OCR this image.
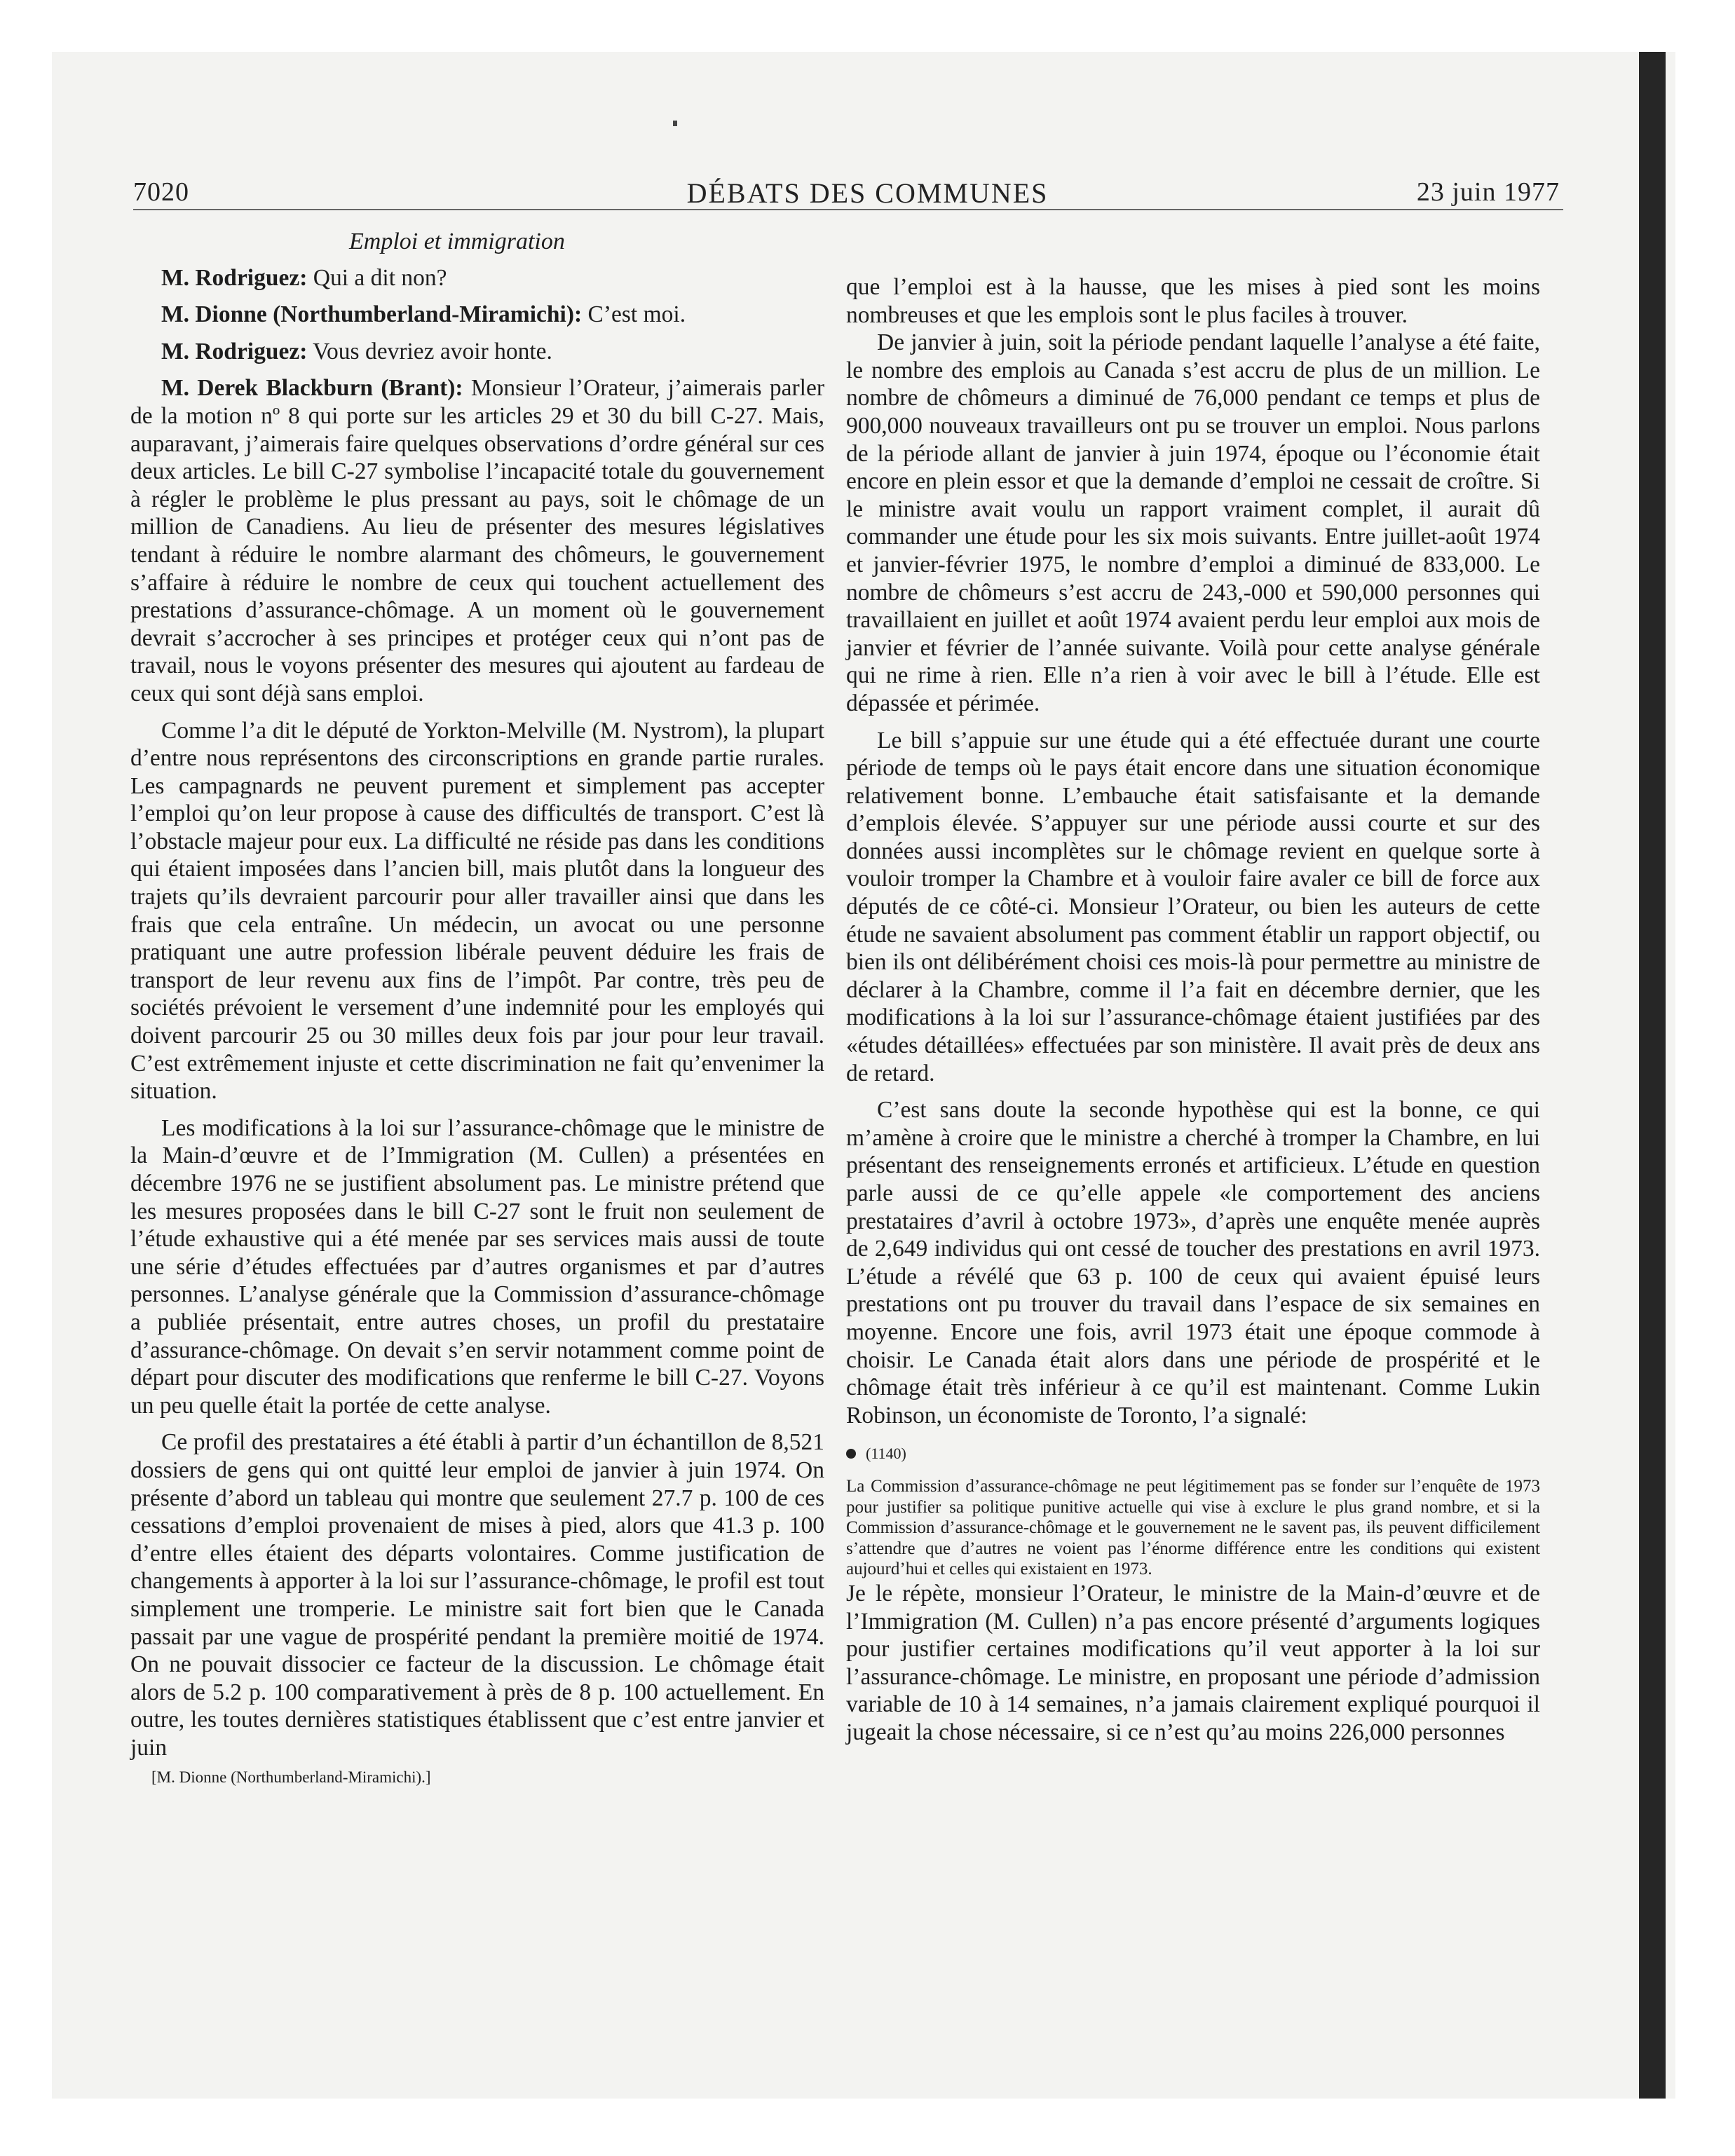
7020	DÉBATS DES COMMUNES	23 juin 1977

Emploi et immigration

M. Rodriguez: Qui a dit non?

M. Dionne (Northumberland-Miramichi): C’est moi.

M. Rodriguez: Vous devriez avoir honte.

M. Derek Blackburn (Brant): Monsieur l’Orateur, j’aimerais parler de la motion nº 8 qui porte sur les articles 29 et 30 du bill C-27. Mais, auparavant, j’aimerais faire quelques observations d’ordre général sur ces deux articles. Le bill C-27 symbolise l’incapacité totale du gouvernement à régler le problème le plus pressant au pays, soit le chômage de un million de Canadiens. Au lieu de présenter des mesures législatives tendant à réduire le nombre alarmant des chômeurs, le gouvernement s’affaire à réduire le nombre de ceux qui touchent actuellement des prestations d’assurance-chômage. A un moment où le gouvernement devrait s’accrocher à ses principes et protéger ceux qui n’ont pas de travail, nous le voyons présenter des mesures qui ajoutent au fardeau de ceux qui sont déjà sans emploi.

Comme l’a dit le député de Yorkton-Melville (M. Nystrom), la plupart d’entre nous représentons des circonscriptions en grande partie rurales. Les campagnards ne peuvent purement et simplement pas accepter l’emploi qu’on leur propose à cause des difficultés de transport. C’est là l’obstacle majeur pour eux. La difficulté ne réside pas dans les conditions qui étaient imposées dans l’ancien bill, mais plutôt dans la longueur des trajets qu’ils devraient parcourir pour aller travailler ainsi que dans les frais que cela entraîne. Un médecin, un avocat ou une personne pratiquant une autre profession libérale peuvent déduire les frais de transport de leur revenu aux fins de l’impôt. Par contre, très peu de sociétés prévoient le versement d’une indemnité pour les employés qui doivent parcourir 25 ou 30 milles deux fois par jour pour leur travail. C’est extrêmement injuste et cette discrimination ne fait qu’envenimer la situation.

Les modifications à la loi sur l’assurance-chômage que le ministre de la Main-d’œuvre et de l’Immigration (M. Cullen) a présentées en décembre 1976 ne se justifient absolument pas. Le ministre prétend que les mesures proposées dans le bill C-27 sont le fruit non seulement de l’étude exhaustive qui a été menée par ses services mais aussi de toute une série d’études effectuées par d’autres organismes et par d’autres personnes. L’analyse générale que la Commission d’assurance-chômage a publiée présentait, entre autres choses, un profil du prestataire d’assurance-chômage. On devait s’en servir notamment comme point de départ pour discuter des modifications que renferme le bill C-27. Voyons un peu quelle était la portée de cette analyse.

Ce profil des prestataires a été établi à partir d’un échantillon de 8,521 dossiers de gens qui ont quitté leur emploi de janvier à juin 1974. On présente d’abord un tableau qui montre que seulement 27.7 p. 100 de ces cessations d’emploi provenaient de mises à pied, alors que 41.3 p. 100 d’entre elles étaient des départs volontaires. Comme justification de changements à apporter à la loi sur l’assurance-chômage, le profil est tout simplement une tromperie. Le ministre sait fort bien que le Canada passait par une vague de prospérité pendant la première moitié de 1974. On ne pouvait dissocier ce facteur de la discussion. Le chômage était alors de 5.2 p. 100 comparativement à près de 8 p. 100 actuellement. En outre, les toutes dernières statistiques établissent que c’est entre janvier et juin

[M. Dionne (Northumberland-Miramichi).]

que l’emploi est à la hausse, que les mises à pied sont les moins nombreuses et que les emplois sont le plus faciles à trouver.

De janvier à juin, soit la période pendant laquelle l’analyse a été faite, le nombre des emplois au Canada s’est accru de plus de un million. Le nombre de chômeurs a diminué de 76,000 pendant ce temps et plus de 900,000 nouveaux travailleurs ont pu se trouver un emploi. Nous parlons de la période allant de janvier à juin 1974, époque ou l’économie était encore en plein essor et que la demande d’emploi ne cessait de croître. Si le ministre avait voulu un rapport vraiment complet, il aurait dû commander une étude pour les six mois suivants. Entre juillet-août 1974 et janvier-février 1975, le nombre d’emploi a diminué de 833,000. Le nombre de chômeurs s’est accru de 243,-000 et 590,000 personnes qui travaillaient en juillet et août 1974 avaient perdu leur emploi aux mois de janvier et février de l’année suivante. Voilà pour cette analyse générale qui ne rime à rien. Elle n’a rien à voir avec le bill à l’étude. Elle est dépassée et périmée.

Le bill s’appuie sur une étude qui a été effectuée durant une courte période de temps où le pays était encore dans une situation économique relativement bonne. L’embauche était satisfaisante et la demande d’emplois élevée. S’appuyer sur une période aussi courte et sur des données aussi incomplètes sur le chômage revient en quelque sorte à vouloir tromper la Chambre et à vouloir faire avaler ce bill de force aux députés de ce côté-ci. Monsieur l’Orateur, ou bien les auteurs de cette étude ne savaient absolument pas comment établir un rapport objectif, ou bien ils ont délibérément choisi ces mois-là pour permettre au ministre de déclarer à la Chambre, comme il l’a fait en décembre dernier, que les modifications à la loi sur l’assurance-chômage étaient justifiées par des «études détaillées» effectuées par son ministère. Il avait près de deux ans de retard.

C’est sans doute la seconde hypothèse qui est la bonne, ce qui m’amène à croire que le ministre a cherché à tromper la Chambre, en lui présentant des renseignements erronés et artificieux. L’étude en question parle aussi de ce qu’elle appele «le comportement des anciens prestataires d’avril à octobre 1973», d’après une enquête menée auprès de 2,649 individus qui ont cessé de toucher des prestations en avril 1973. L’étude a révélé que 63 p. 100 de ceux qui avaient épuisé leurs prestations ont pu trouver du travail dans l’espace de six semaines en moyenne. Encore une fois, avril 1973 était une époque commode à choisir. Le Canada était alors dans une période de prospérité et le chômage était très inférieur à ce qu’il est maintenant. Comme Lukin Robinson, un économiste de Toronto, l’a signalé:

(1140)

La Commission d’assurance-chômage ne peut légitimement pas se fonder sur l’enquête de 1973 pour justifier sa politique punitive actuelle qui vise à exclure le plus grand nombre, et si la Commission d’assurance-chômage et le gouvernement ne le savent pas, ils peuvent difficilement s’attendre que d’autres ne voient pas l’énorme différence entre les conditions qui existent aujourd’hui et celles qui existaient en 1973.

Je le répète, monsieur l’Orateur, le ministre de la Main-d’œuvre et de l’Immigration (M. Cullen) n’a pas encore présenté d’arguments logiques pour justifier certaines modifications qu’il veut apporter à la loi sur l’assurance-chômage. Le ministre, en proposant une période d’admission variable de 10 à 14 semaines, n’a jamais clairement expliqué pourquoi il jugeait la chose nécessaire, si ce n’est qu’au moins 226,000 personnes
